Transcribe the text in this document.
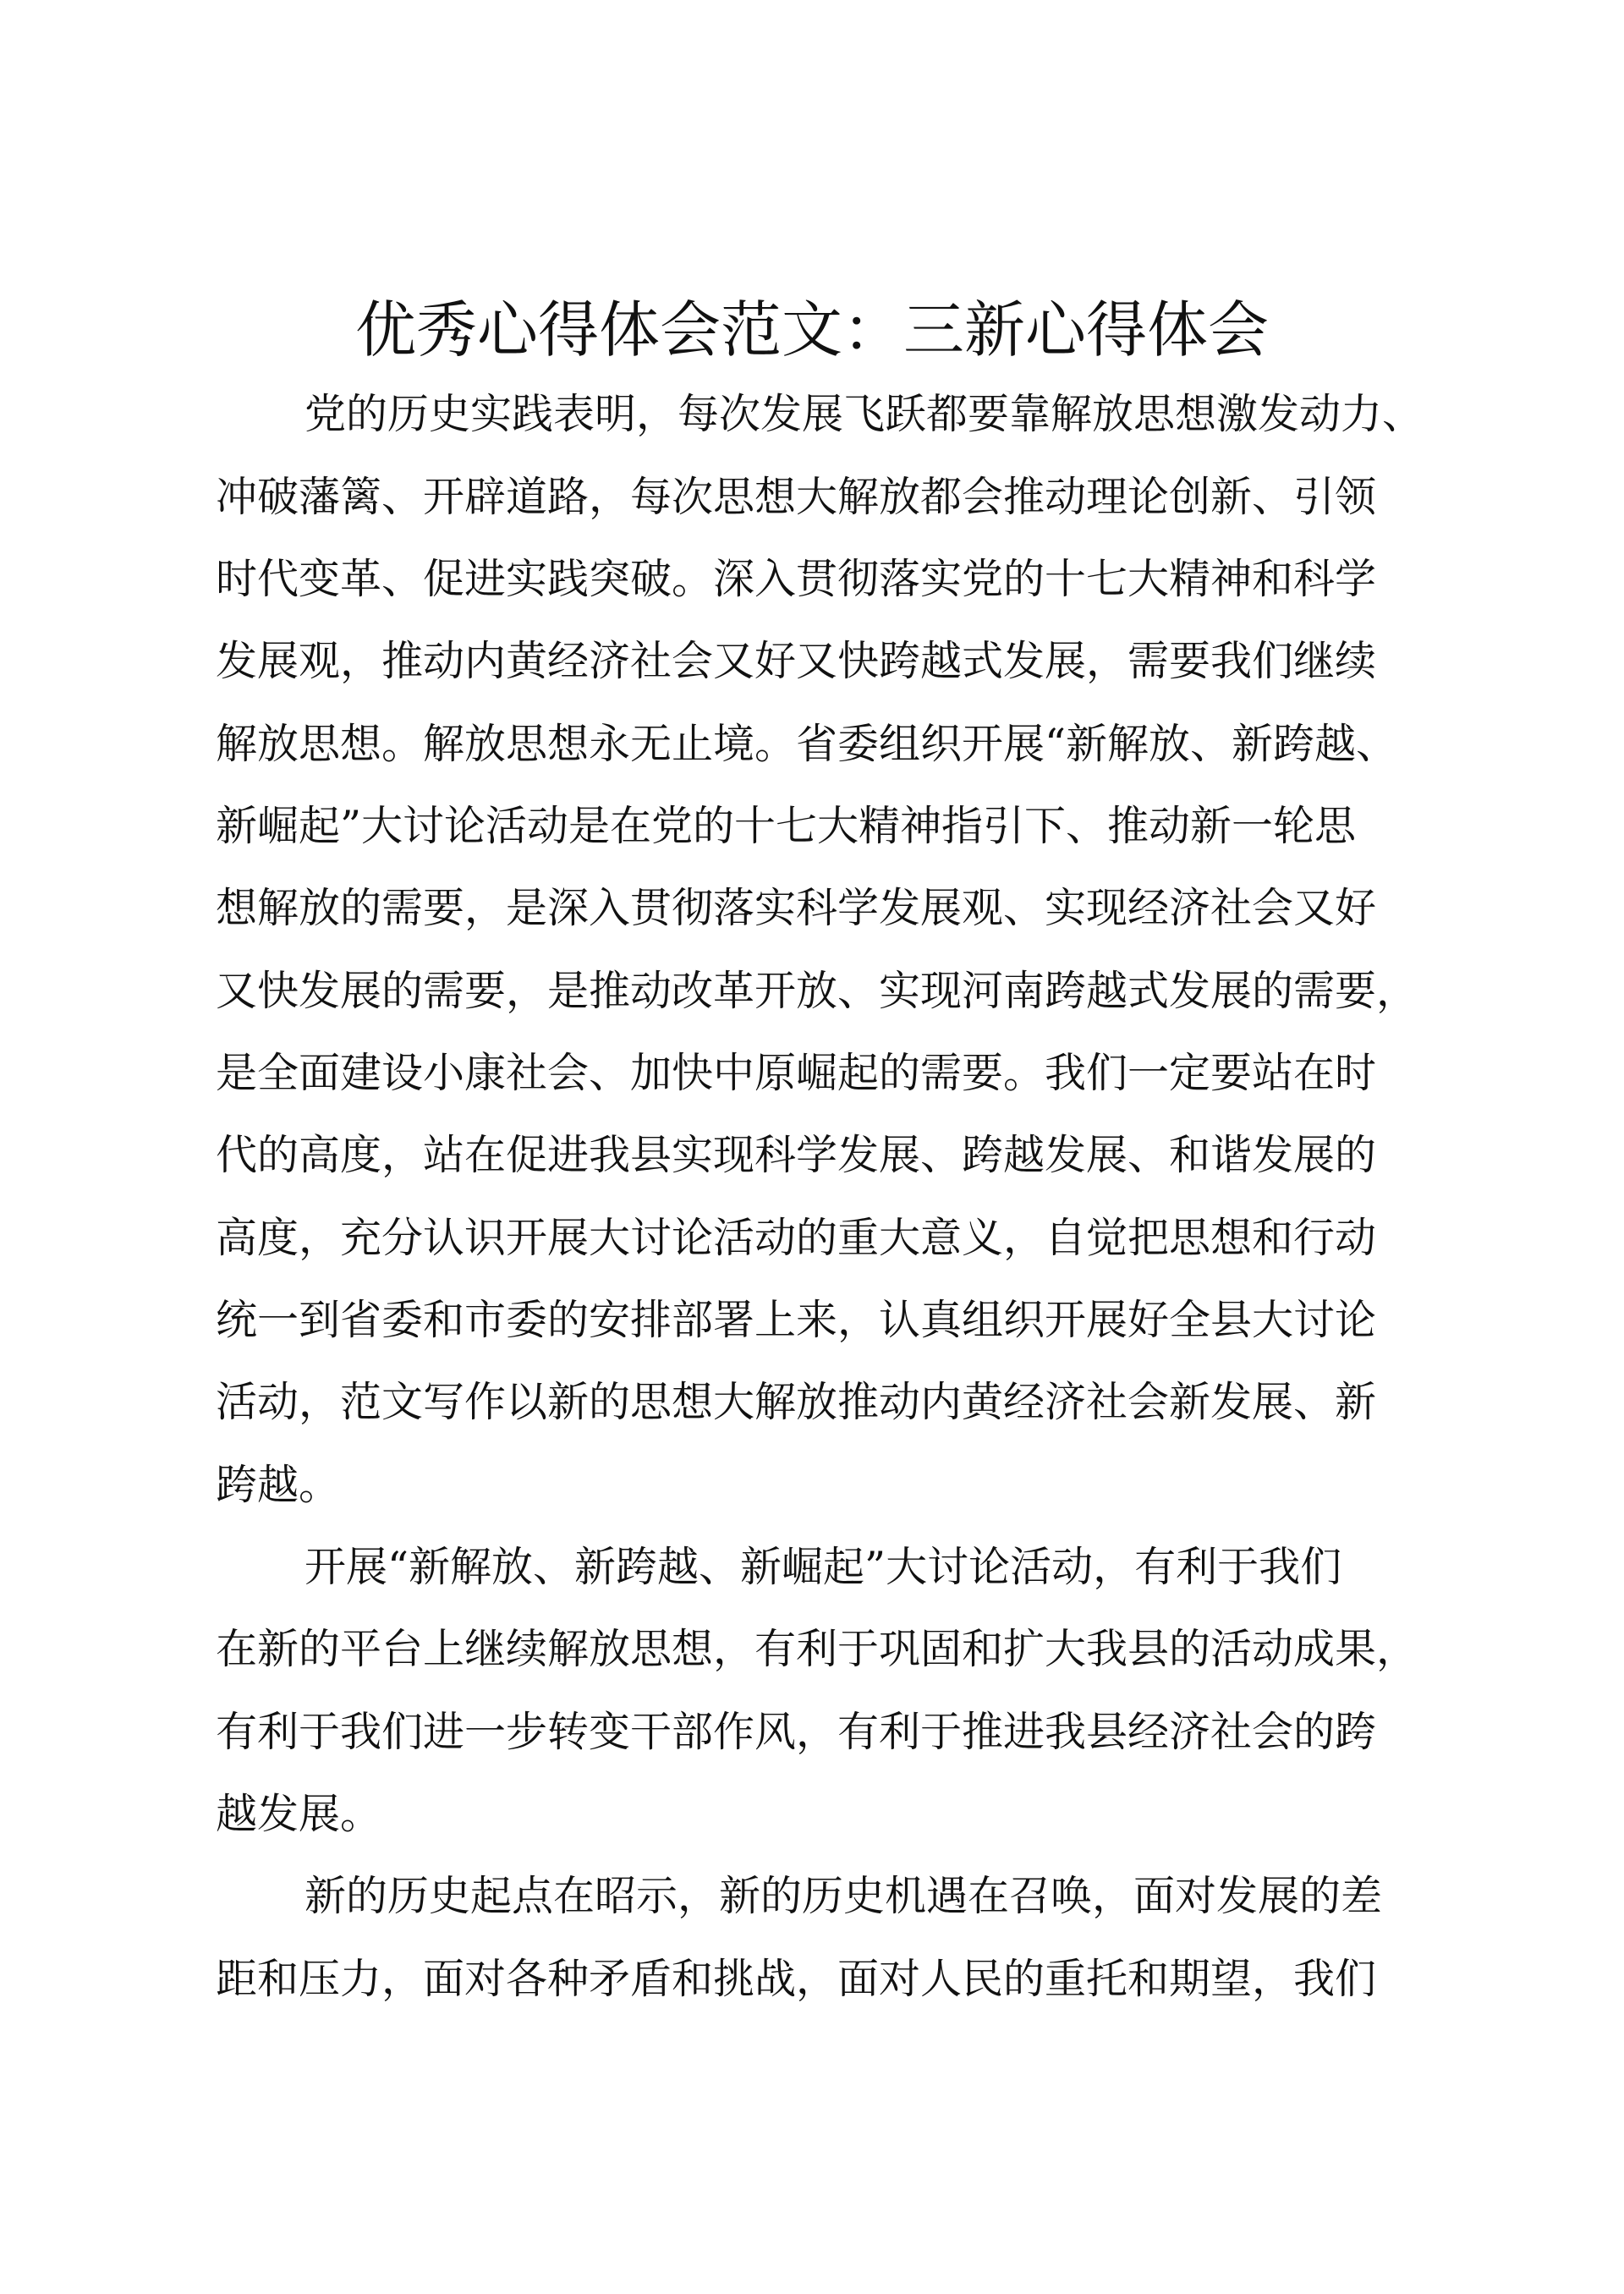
优秀心得体会范文：三新心得体会

党的历史实践表明，每次发展飞跃都要靠解放思想激发动力、

冲破藩篱、开辟道路，每次思想大解放都会推动理论创新、引领

时代变革、促进实践突破。深入贯彻落实党的十七大精神和科学

发展观，推动内黄经济社会又好又快跨越式发展，需要我们继续

解放思想。解放思想永无止境。省委组织开展“新解放、新跨越、

新崛起”大讨论活动是在党的十七大精神指引下、推动新一轮思

想解放的需要，是深入贯彻落实科学发展观、实现经济社会又好

又快发展的需要，是推动改革开放、实现河南跨越式发展的需要，

是全面建设小康社会、加快中原崛起的需要。我们一定要站在时

代的高度，站在促进我县实现科学发展、跨越发展、和谐发展的

高度，充分认识开展大讨论活动的重大意义，自觉把思想和行动

统一到省委和市委的安排部署上来，认真组织开展好全县大讨论

活动，范文写作以新的思想大解放推动内黄经济社会新发展、新

跨越。

开展“新解放、新跨越、新崛起”大讨论活动，有利于我们

在新的平台上继续解放思想，有利于巩固和扩大我县的活动成果，

有利于我们进一步转变干部作风，有利于推进我县经济社会的跨

越发展。

新的历史起点在昭示，新的历史机遇在召唤，面对发展的差

距和压力，面对各种矛盾和挑战，面对人民的重托和期望，我们
